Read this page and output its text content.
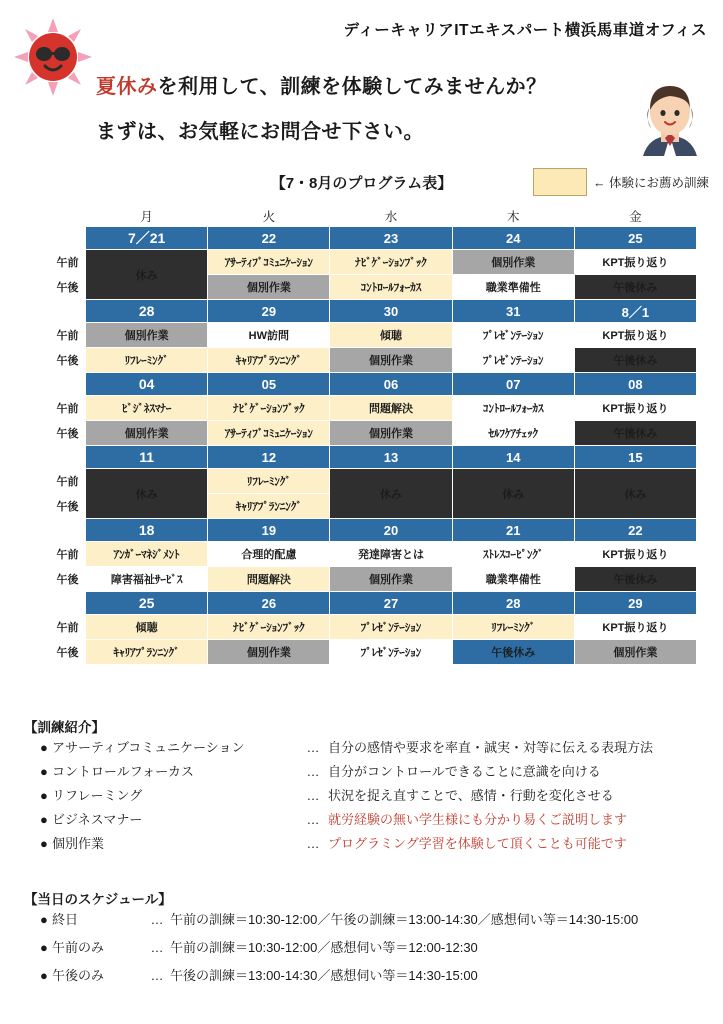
ディーキャリアITエキスパート横浜馬車道オフィス
夏休みを利用して、訓練を体験してみませんか？
まずは、お気軽にお問合せ下さい。
【7・8月のプログラム表】	← 体験にお薦め訓練
	月	火	水	木	金
	7／21	22	23	24	25
午前	休み	ｱｻｰﾃｨﾌﾞｺﾐｭﾆｹｰｼｮﾝ	ﾅﾋﾞｹﾞｰｼｮﾝﾌﾞｯｸ	個別作業	KPT振り返り
午後		個別作業	ｺﾝﾄﾛｰﾙﾌｫｰｶｽ	職業準備性	午後休み
	28	29	30	31	8／1
午前	個別作業	HW訪問	傾聴	ﾌﾟﾚｾﾞﾝﾃｰｼｮﾝ	KPT振り返り
午後	ﾘﾌﾚｰﾐﾝｸﾞ	ｷｬﾘｱﾌﾟﾗﾝﾆﾝｸﾞ	個別作業	ﾌﾟﾚｾﾞﾝﾃｰｼｮﾝ	午後休み
	04	05	06	07	08
午前	ﾋﾞｼﾞﾈｽﾏﾅｰ	ﾅﾋﾞｹﾞｰｼｮﾝﾌﾞｯｸ	問題解決	ｺﾝﾄﾛｰﾙﾌｫｰｶｽ	KPT振り返り
午後	個別作業	ｱｻｰﾃｨﾌﾞｺﾐｭﾆｹｰｼｮﾝ	個別作業	ｾﾙﾌｹｱﾁｪｯｸ	午後休み
	11	12	13	14	15
午前	休み	ﾘﾌﾚｰﾐﾝｸﾞ	休み	休み	休み
午後		ｷｬﾘｱﾌﾟﾗﾝﾆﾝｸﾞ			
	18	19	20	21	22
午前	ｱﾝｶﾞｰﾏﾈｼﾞﾒﾝﾄ	合理的配慮	発達障害とは	ｽﾄﾚｽｺｰﾋﾟﾝｸﾞ	KPT振り返り
午後	障害福祉ｻｰﾋﾞｽ	問題解決	個別作業	職業準備性	午後休み
	25	26	27	28	29
午前	傾聴	ﾅﾋﾞｹﾞｰｼｮﾝﾌﾞｯｸ	ﾌﾟﾚｾﾞﾝﾃｰｼｮﾝ	ﾘﾌﾚｰﾐﾝｸﾞ	KPT振り返り
午後	ｷｬﾘｱﾌﾟﾗﾝﾆﾝｸﾞ	個別作業	ﾌﾟﾚｾﾞﾝﾃｰｼｮﾝ	午後休み	個別作業
【訓練紹介】
● アサーティブコミュニケーション	… 自分の感情や要求を率直・誠実・対等に伝える表現方法
● コントロールフォーカス	… 自分がコントロールできることに意識を向ける
● リフレーミング	… 状況を捉え直すことで、感情・行動を変化させる
● ビジネスマナー	… 就労経験の無い学生様にも分かり易くご説明します
● 個別作業	… プログラミング学習を体験して頂くことも可能です
【当日のスケジュール】
● 終日	… 午前の訓練＝10:30-12:00／午後の訓練＝13:00-14:30／感想伺い等＝14:30-15:00
● 午前のみ	… 午前の訓練＝10:30-12:00／感想伺い等＝12:00-12:30
● 午後のみ	… 午後の訓練＝13:00-14:30／感想伺い等＝14:30-15:00
